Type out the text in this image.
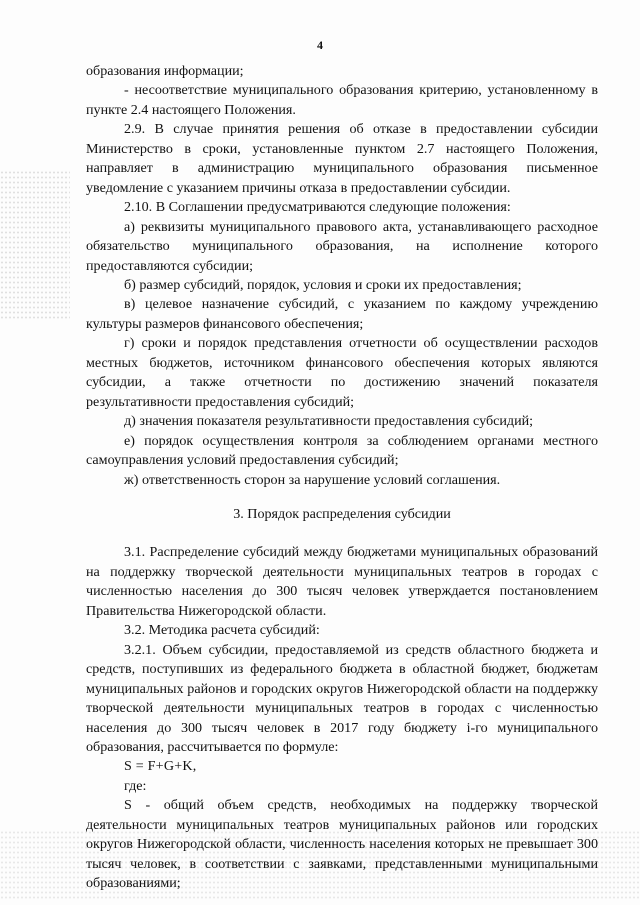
4

образования информации;

- несоответствие муниципального образования критерию, установленному в пункте 2.4 настоящего Положения.

2.9. В случае принятия решения об отказе в предоставлении субсидии Министерство в сроки, установленные пунктом 2.7 настоящего Положения, направляет в администрацию муниципального образования письменное уведомление с указанием причины отказа в предоставлении субсидии.

2.10. В Соглашении предусматриваются следующие положения:

а) реквизиты муниципального правового акта, устанавливающего расходное обязательство муниципального образования, на исполнение которого предоставляются субсидии;

б) размер субсидий, порядок, условия и сроки их предоставления;

в) целевое назначение субсидий, с указанием по каждому учреждению культуры размеров финансового обеспечения;

г) сроки и порядок представления отчетности об осуществлении расходов местных бюджетов, источником финансового обеспечения которых являются субсидии, а также отчетности по достижению значений показателя результативности предоставления субсидий;

д) значения показателя результативности предоставления субсидий;

е) порядок осуществления контроля за соблюдением органами местного самоуправления условий предоставления субсидий;

ж) ответственность сторон за нарушение условий соглашения.

3. Порядок распределения субсидии

3.1. Распределение субсидий между бюджетами муниципальных образований на поддержку творческой деятельности муниципальных театров в городах с численностью населения до 300 тысяч человек утверждается постановлением Правительства Нижегородской области.

3.2. Методика расчета субсидий:

3.2.1. Объем субсидии, предоставляемой из средств областного бюджета и средств, поступивших из федерального бюджета в областной бюджет, бюджетам муниципальных районов и городских округов Нижегородской области на поддержку творческой деятельности муниципальных театров в городах с численностью населения до 300 тысяч человек в 2017 году бюджету i-го муниципального образования, рассчитывается по формуле:

S = F+G+K,

где:

S - общий объем средств, необходимых на поддержку творческой деятельности муниципальных театров муниципальных районов или городских округов Нижегородской области, численность населения которых не превышает 300 тысяч человек, в соответствии с заявками, представленными муниципальными образованиями;
